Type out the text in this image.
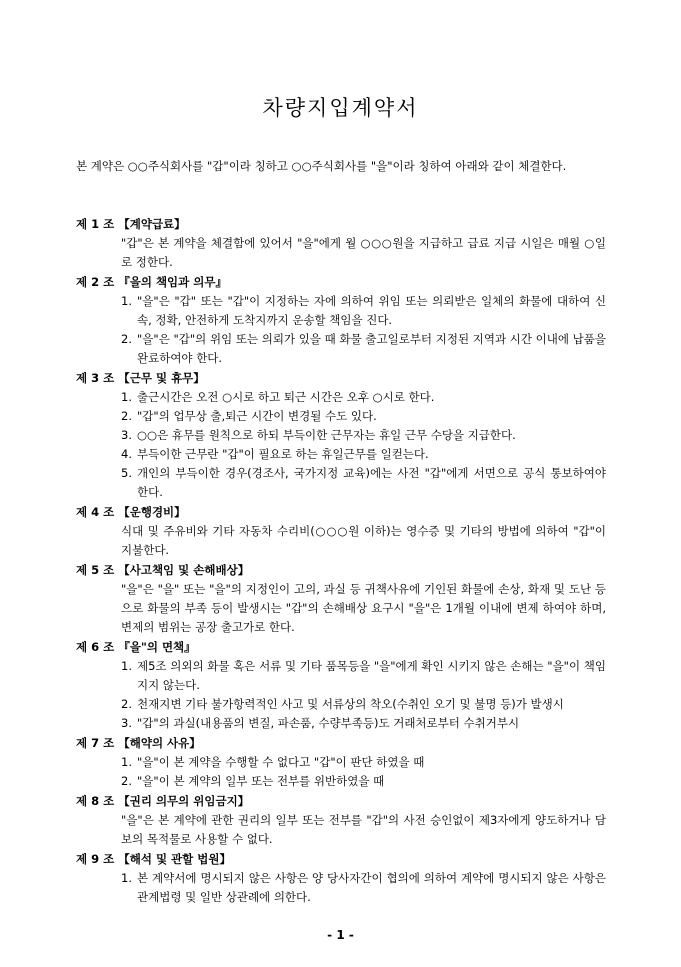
차량지입계약서
본 계약은 ○○주식회사를 "갑"이라 칭하고 ○○주식회사를 "을"이라 칭하여 아래와 같이 체결한다.
제 1 조 【계약급료】
"갑"은 본 계약을 체결함에 있어서 "을"에게 월 ○○○원을 지급하고 급료 지급 시일은 매월 ○일로 정한다.
제 2 조 『을의 책임과 의무』
1. "을"은 "갑" 또는 "갑"이 지정하는 자에 의하여 위임 또는 의뢰받은 일체의 화물에 대하여 신속, 정확, 안전하게 도착지까지 운송할 책임을 진다.
2. "을"은 "갑"의 위임 또는 의뢰가 있을 때 화물 출고일로부터 지정된 지역과 시간 이내에 납품을 완료하여야 한다.
제 3 조 【근무 및 휴무】
1. 출근시간은 오전 ○시로 하고 퇴근 시간은 오후 ○시로 한다.
2. "갑"의 업무상 출,퇴근 시간이 변경될 수도 있다.
3. ○○은 휴무를 원칙으로 하되 부득이한 근무자는 휴일 근무 수당을 지급한다.
4. 부득이한 근무란 "갑"이 필요로 하는 휴일근무를 일컫는다.
5. 개인의 부득이한 경우(경조사, 국가지정 교육)에는 사전 "갑"에게 서면으로 공식 통보하여야 한다.
제 4 조 【운행경비】
식대 및 주유비와 기타 자동차 수리비(○○○원 이하)는 영수증 및 기타의 방법에 의하여 "갑"이 지불한다.
제 5 조 【사고책임 및 손해배상】
"을"은 "을" 또는 "을"의 지정인이 고의, 과실 등 귀책사유에 기인된 화물에 손상, 화재 및 도난 등으로 화물의 부족 등이 발생시는 "갑"의 손해배상 요구시 "을"은 1개월 이내에 변제 하여야 하며, 변제의 범위는 공장 출고가로 한다.
제 6 조 『을"의 면책』
1. 제5조 의외의 화물 혹은 서류 및 기타 품목등을 "을"에게 확인 시키지 않은 손해는 "을"이 책임지지 않는다.
2. 천재지변 기타 불가항력적인 사고 및 서류상의 착오(수취인 오기 및 불명 등)가 발생시
3. "갑"의 과실(내용품의 변질, 파손품, 수량부족등)도 거래처로부터 수취거부시
제 7 조 【해약의 사유】
1. "을"이 본 계약을 수행할 수 없다고 "갑"이 판단 하였을 때
2. "을"이 본 계약의 일부 또는 전부를 위반하였을 때
제 8 조 【권리 의무의 위임금지】
"을"은 본 계약에 관한 권리의 일부 또는 전부를 "갑"의 사전 승인없이 제3자에게 양도하거나 담보의 목적물로 사용할 수 없다.
제 9 조 【해석 및 관할 법원】
1. 본 계약서에 명시되지 않은 사항은 양 당사자간이 협의에 의하여 계약에 명시되지 않은 사항은 관계법령 및 일반 상관례에 의한다.
- 1 -
